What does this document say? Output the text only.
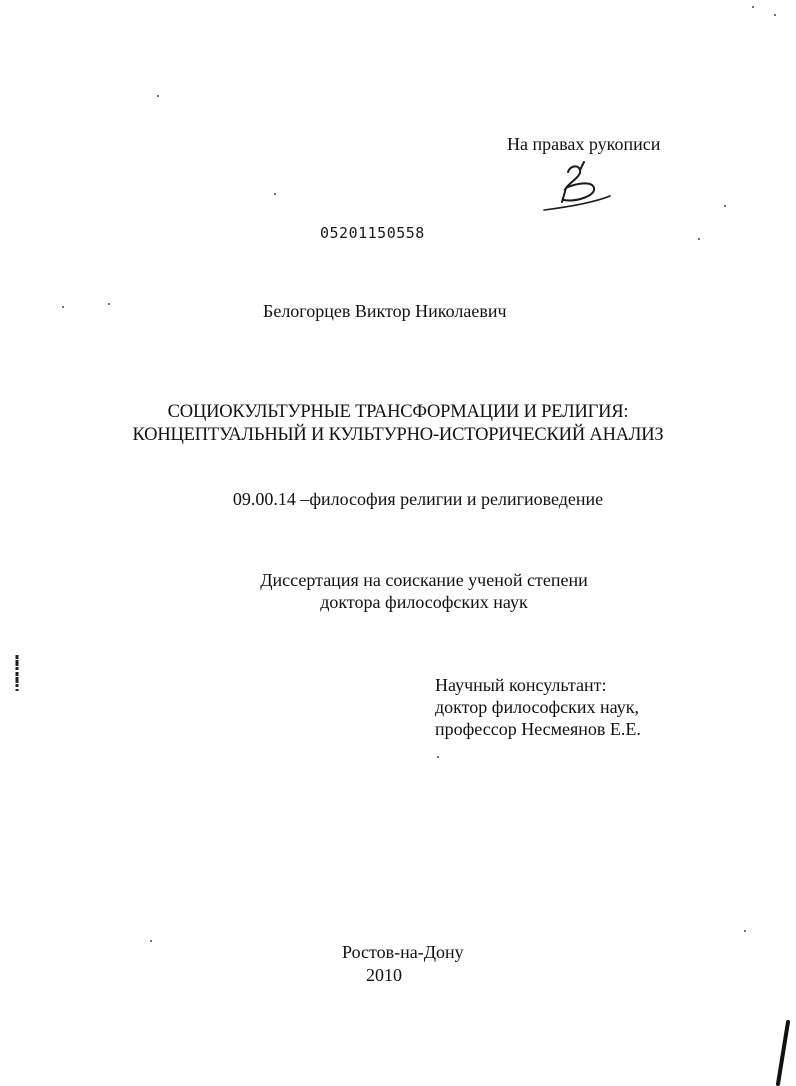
На правах рукописи
05201150558
Белогорцев Виктор Николаевич
СОЦИОКУЛЬТУРНЫЕ ТРАНСФОРМАЦИИ И РЕЛИГИЯ:
КОНЦЕПТУАЛЬНЫЙ И КУЛЬТУРНО-ИСТОРИЧЕСКИЙ АНАЛИЗ
09.00.14 –философия религии и религиоведение
Диссертация на соискание ученой степени
доктора философских наук
Научный консультант:
доктор философских наук,
профессор Несмеянов Е.Е.
Ростов-на-Дону
2010
